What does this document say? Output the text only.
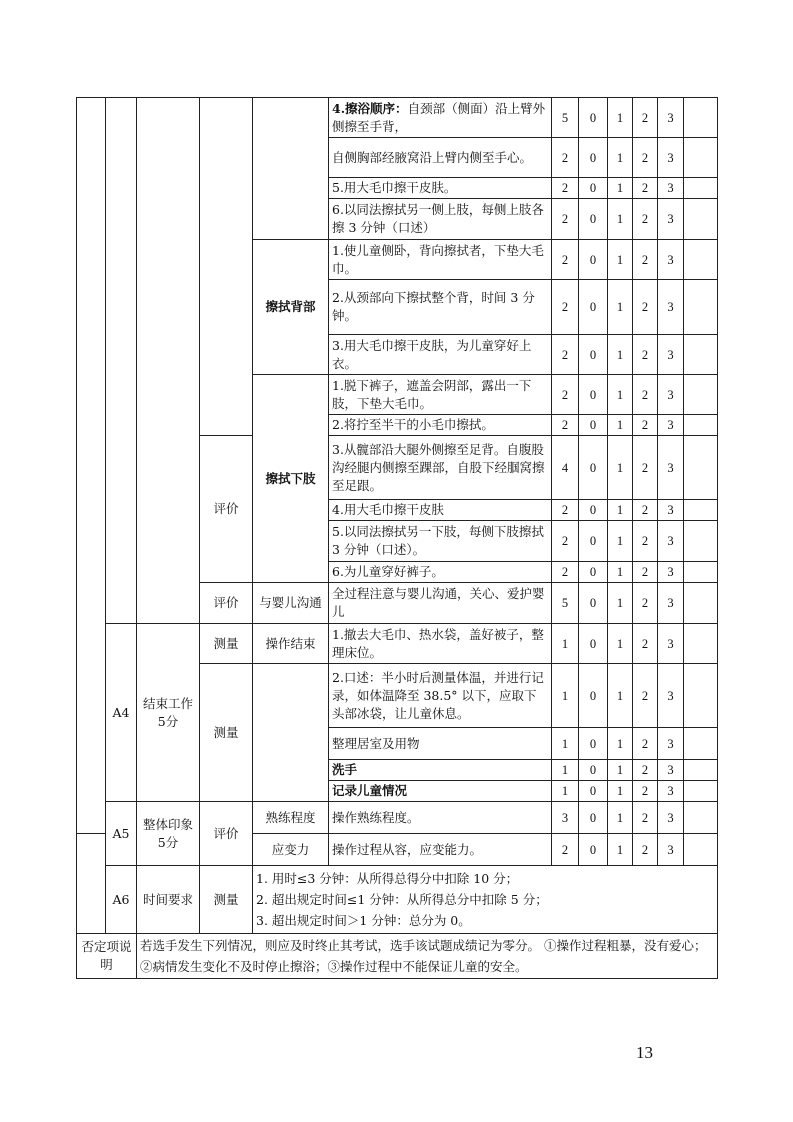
					4.擦浴顺序：自颈部（侧面）沿上臂外侧擦至手背，	5	0	1	2	3	
					自侧胸部经腋窝沿上臂内侧至手心。	2	0	1	2	3	
					5.用大毛巾擦干皮肤。	2	0	1	2	3	
					6.以同法擦拭另一侧上肢，每侧上肢各擦 3 分钟（口述）	2	0	1	2	3	
				擦拭背部	1.使儿童侧卧，背向擦拭者，下垫大毛巾。	2	0	1	2	3	
					2.从颈部向下擦拭整个背，时间 3 分钟。	2	0	1	2	3	
					3.用大毛巾擦干皮肤，为儿童穿好上衣。	2	0	1	2	3	
				擦拭下肢	1.脱下裤子，遮盖会阴部，露出一下肢，下垫大毛巾。	2	0	1	2	3	
					2.将拧至半干的小毛巾擦拭。	2	0	1	2	3	
			评价		3.从髋部沿大腿外侧擦至足背。自腹股沟经腿内侧擦至踝部，自股下经腘窝擦至足跟。	4	0	1	2	3	
					4.用大毛巾擦干皮肤	2	0	1	2	3	
					5.以同法擦拭另一下肢，每侧下肢擦拭 3 分钟（口述）。	2	0	1	2	3	
					6.为儿童穿好裤子。	2	0	1	2	3	
			评价	与婴儿沟通	全过程注意与婴儿沟通，关心、爱护婴儿	5	0	1	2	3	
	A4	结束工作5分	测量	操作结束	1.撤去大毛巾、热水袋，盖好被子，整理床位。	1	0	1	2	3	
			测量		2.口述：半小时后测量体温，并进行记录，如体温降至 38.5° 以下，应取下头部冰袋，让儿童休息。	1	0	1	2	3	
					整理居室及用物	1	0	1	2	3	
					洗手	1	0	1	2	3	
					记录儿童情况	1	0	1	2	3	
	A5	整体印象5分	评价	熟练程度	操作熟练程度。	3	0	1	2	3	
				应变力	操作过程从容，应变能力。	2	0	1	2	3	
	A6	时间要求	测量	1. 用时≤3 分钟：从所得总得分中扣除 10 分；
2. 超出规定时间≤1 分钟：从所得总分中扣除 5 分；
3. 超出规定时间＞1 分钟：总分为 0。							

否定项说明		若选手发生下列情况，则应及时终止其考试，选手该试题成绩记为零分。 ①操作过程粗暴，没有爱心； ②病情发生变化不及时停止擦浴；③操作过程中不能保证儿童的安全。									
13
